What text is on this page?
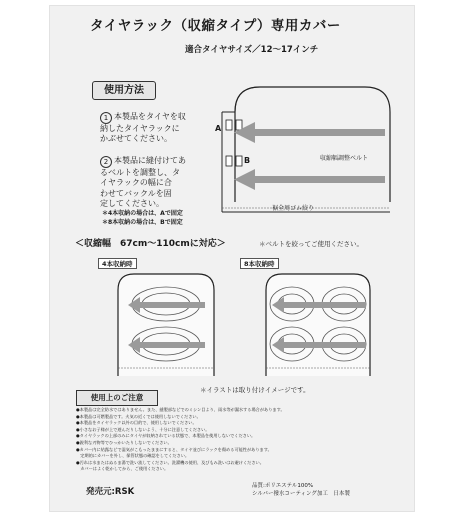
タイヤラック（収縮タイプ）専用カバー
適合タイヤサイズ／12〜17インチ
使用方法

1 本製品をタイヤを収
納したタイヤラックに
かぶせてください。

2 本製品に縫付けてあ
るベルトを調整し、タ
イヤラックの幅に合
わせてバックルを固
定してください。

＊4本収納の場合は、Aで固定
＊8本収納の場合は、Bで固定
A
B	収縮幅調整ベルト
裾全周ゴム絞り
＜収縮幅　67cm〜110cmに対応＞	＊ベルトを絞ってご使用ください。
4本収納時	8本収納時
＊イラストは取り付けイメージです。
使用上のご注意
●本製品は完全防水ではありません。また、縫製部などでのミシン目より、雨水等が漏水する場合があります。
●本製品は可燃製品です。火気の近くでは使用しないでください。
●本製品をタイヤラック以外の目的で、使用しないでください。
●小さなお子様が上で遊んだりしないよう、十分に注意してください。
●タイヤラックの上部のみにタイヤが収納されている状態で、本製品を使用しないでください。
●鋭利な刃物等でひっかいたりしないでください。
●カバー内に結露などで湿気がこもったままにすると、タイヤ並びにラックを傷める可能性があります。
　定期的にカバーを外し、保管状態の確認をしてください。
●汚れは水またはぬるま湯で洗い流してください。洗濯機の使用、及びもみ洗いはお避けください。
　カバーはよく乾かしてから、ご使用ください。
発売元:RSK
品質:ポリエステル100%
シルバー撥水コーティング加工　日本製
